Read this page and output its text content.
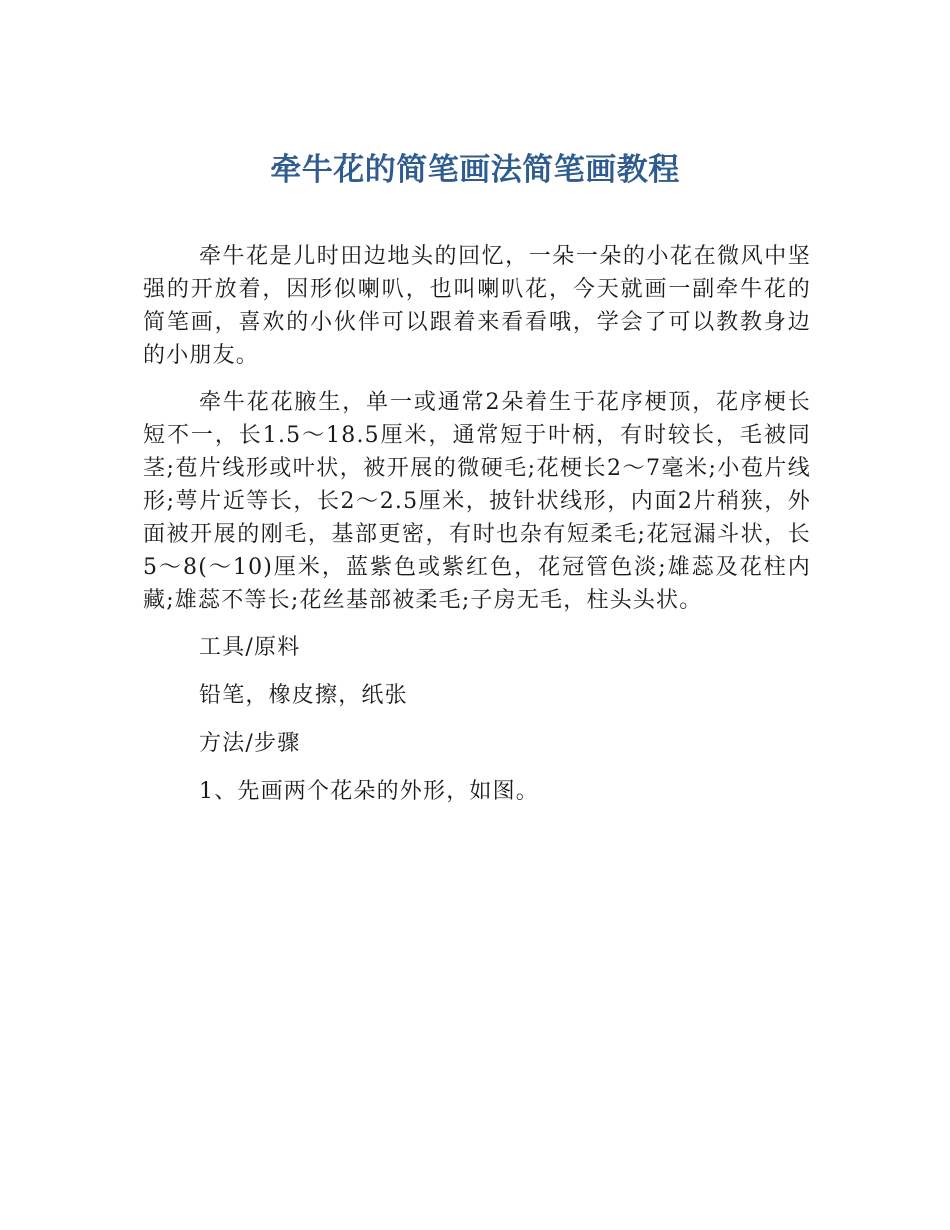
牵牛花的简笔画法简笔画教程

牵牛花是儿时田边地头的回忆，一朵一朵的小花在微风中坚强的开放着，因形似喇叭，也叫喇叭花，今天就画一副牵牛花的简笔画，喜欢的小伙伴可以跟着来看看哦，学会了可以教教身边的小朋友。

牵牛花花腋生，单一或通常2朵着生于花序梗顶，花序梗长短不一，长1.5～18.5厘米，通常短于叶柄，有时较长，毛被同茎;苞片线形或叶状，被开展的微硬毛;花梗长2～7毫米;小苞片线形;萼片近等长，长2～2.5厘米，披针状线形，内面2片稍狭，外面被开展的刚毛，基部更密，有时也杂有短柔毛;花冠漏斗状，长5～8(～10)厘米，蓝紫色或紫红色，花冠管色淡;雄蕊及花柱内藏;雄蕊不等长;花丝基部被柔毛;子房无毛，柱头头状。

工具/原料

铅笔，橡皮擦，纸张

方法/步骤

1、先画两个花朵的外形，如图。
